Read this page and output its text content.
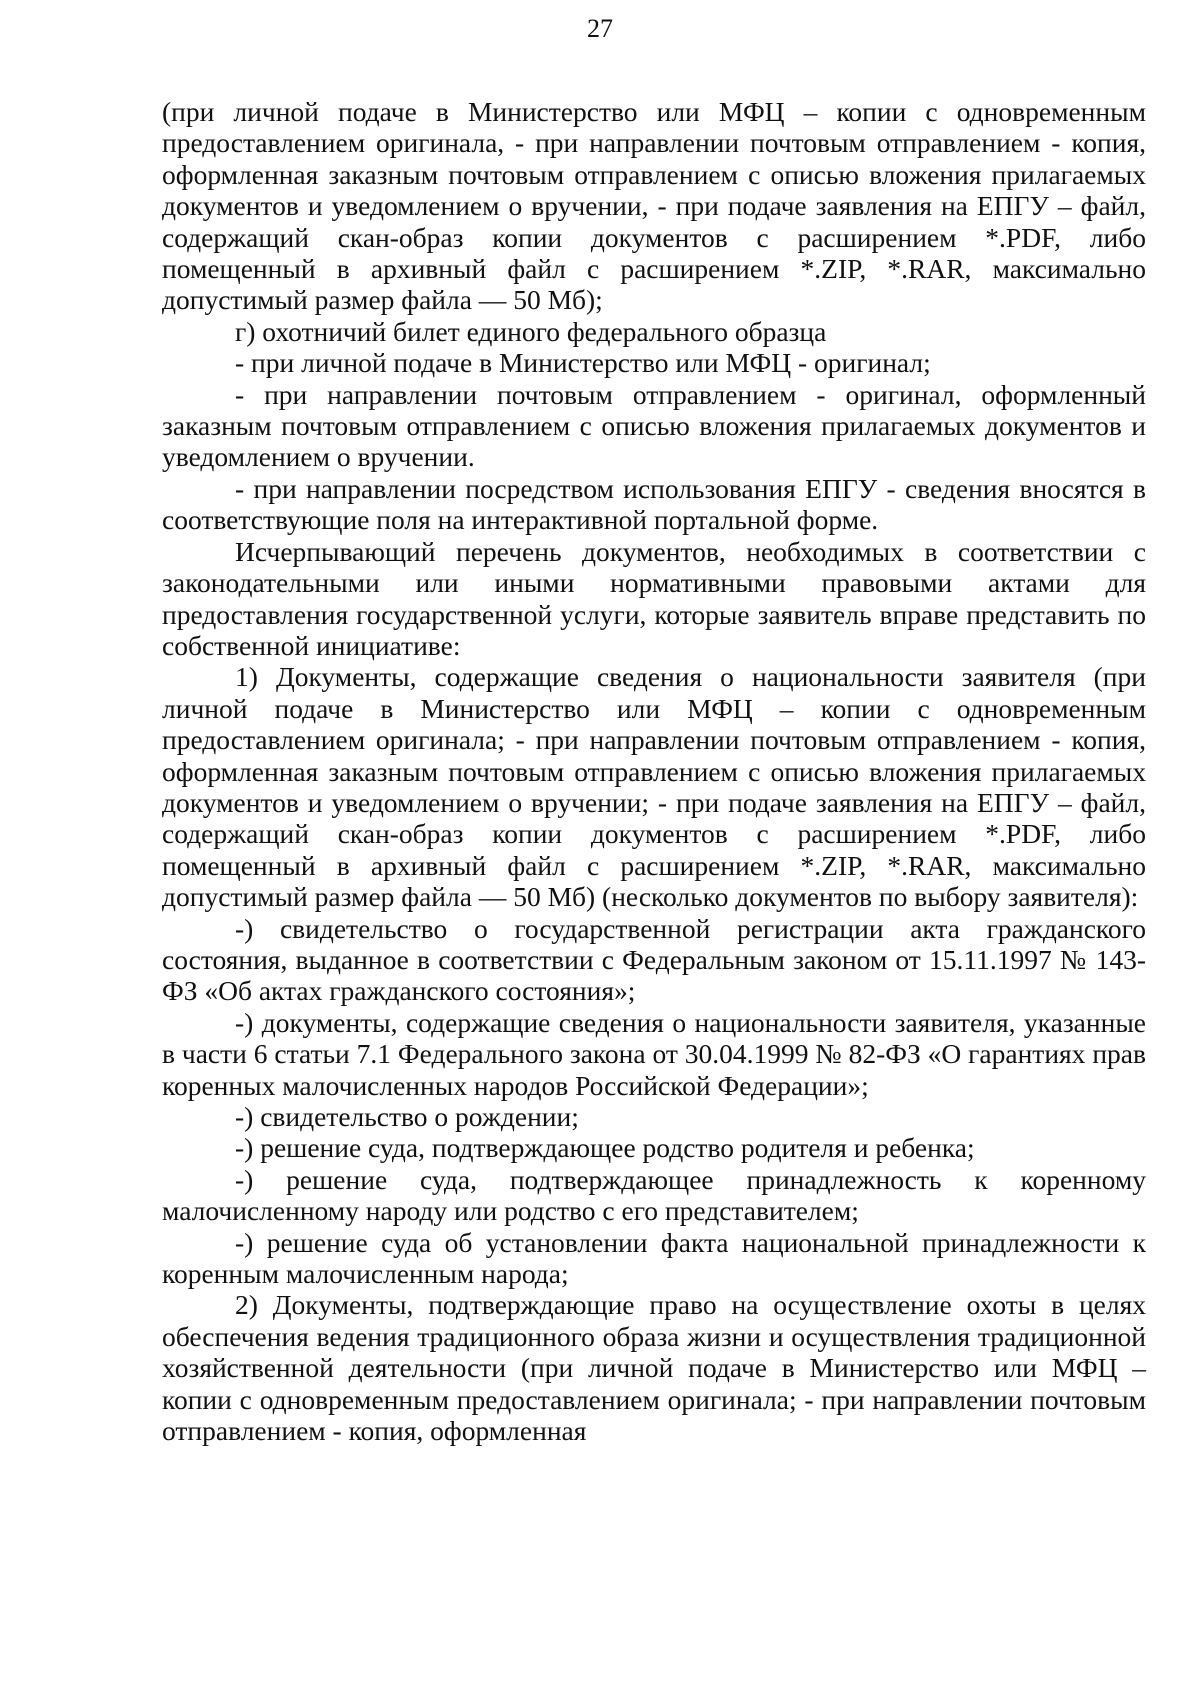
27

(при личной подаче в Министерство или МФЦ – копии с одновременным предоставлением оригинала, - при направлении почтовым отправлением - копия, оформленная заказным почтовым отправлением с описью вложения прилагаемых документов и уведомлением о вручении, - при подаче заявления на ЕПГУ – файл, содержащий скан-образ копии документов с расширением *.PDF, либо помещенный в архивный файл с расширением *.ZIP, *.RAR, максимально допустимый размер файла — 50 Мб);

г) охотничий билет единого федерального образца

- при личной подаче в Министерство или МФЦ - оригинал;

- при направлении почтовым отправлением - оригинал, оформленный заказным почтовым отправлением с описью вложения прилагаемых документов и уведомлением о вручении.

- при направлении посредством использования ЕПГУ - сведения вносятся в соответствующие поля на интерактивной портальной форме.

Исчерпывающий перечень документов, необходимых в соответствии с законодательными или иными нормативными правовыми актами для предоставления государственной услуги, которые заявитель вправе представить по собственной инициативе:

1) Документы, содержащие сведения о национальности заявителя (при личной подаче в Министерство или МФЦ – копии с одновременным предоставлением оригинала; - при направлении почтовым отправлением - копия, оформленная заказным почтовым отправлением с описью вложения прилагаемых документов и уведомлением о вручении; - при подаче заявления на ЕПГУ – файл, содержащий скан-образ копии документов с расширением *.PDF, либо помещенный в архивный файл с расширением *.ZIP, *.RAR, максимально допустимый размер файла — 50 Мб) (несколько документов по выбору заявителя):

-) свидетельство о государственной регистрации акта гражданского состояния, выданное в соответствии с Федеральным законом от 15.11.1997 № 143-ФЗ «Об актах гражданского состояния»;

-) документы, содержащие сведения о национальности заявителя, указанные в части 6 статьи 7.1 Федерального закона от 30.04.1999 № 82-ФЗ «О гарантиях прав коренных малочисленных народов Российской Федерации»;

-) свидетельство о рождении;

-) решение суда, подтверждающее родство родителя и ребенка;

-) решение суда, подтверждающее принадлежность к коренному малочисленному народу или родство с его представителем;

-) решение суда об установлении факта национальной принадлежности к коренным малочисленным народа;

2) Документы, подтверждающие право на осуществление охоты в целях обеспечения ведения традиционного образа жизни и осуществления традиционной хозяйственной деятельности (при личной подаче в Министерство или МФЦ – копии с одновременным предоставлением оригинала; - при направлении почтовым отправлением - копия, оформленная
